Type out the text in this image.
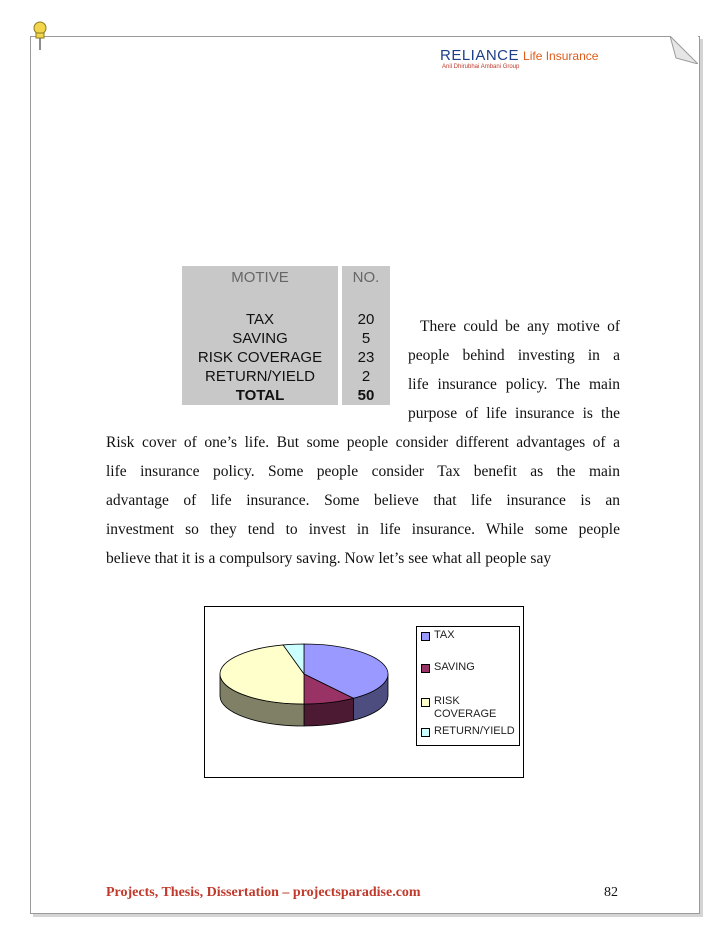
RELIANCE Life Insurance
Anil Dhirubhai Ambani Group
MOTIVE		NO.

TAX		20
SAVING		5
RISK COVERAGE		23
RETURN/YIELD		2
TOTAL		50
There could be any motive of
people behind investing in a
life insurance policy. The main
purpose of life insurance is the
Risk cover of one’s life. But some people consider different advantages of a
life insurance policy. Some people consider Tax benefit as the main
advantage of life insurance. Some believe that life insurance is an
investment so they tend to invest in life insurance. While some people
believe that it is a compulsory saving. Now let’s see what all people say
TAX
SAVING
RISK COVERAGE
RETURN/YIELD
Projects, Thesis, Dissertation – projectsparadise.com	82
